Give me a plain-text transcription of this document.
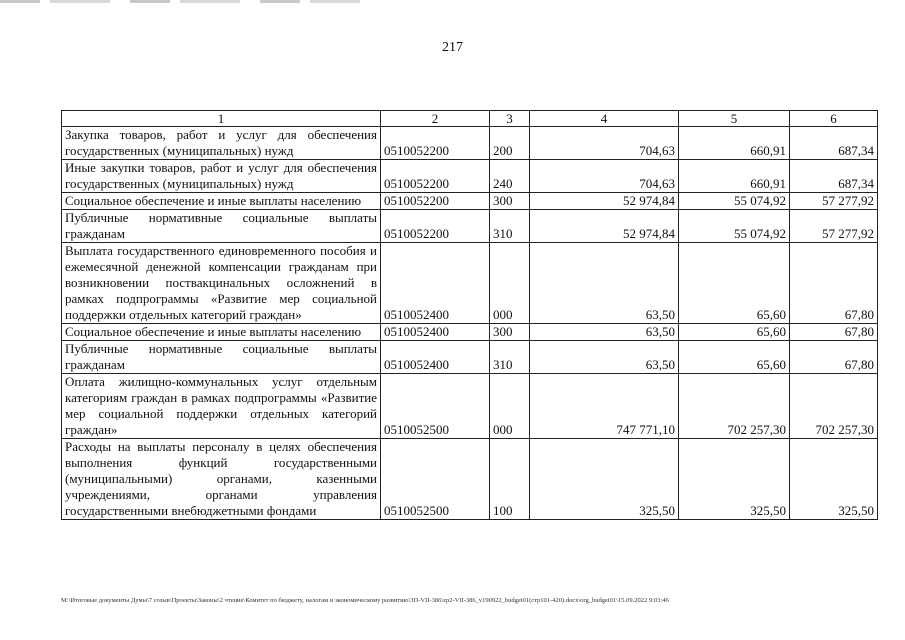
217
1	2	3	4	5	6
Закупка товаров, работ и услуг для обеспечения государственных (муниципальных) нужд	0510052200	200	704,63	660,91	687,34
Иные закупки товаров, работ и услуг для обеспечения государственных (муниципальных) нужд	0510052200	240	704,63	660,91	687,34
Социальное обеспечение и иные выплаты населению	0510052200	300	52 974,84	55 074,92	57 277,92
Публичные нормативные социальные выплаты гражданам	0510052200	310	52 974,84	55 074,92	57 277,92
Выплата государственного единовременного пособия и ежемесячной денежной компенсации гражданам при возникновении поствакцинальных осложнений в рамках подпрограммы «Развитие мер социальной поддержки отдельных категорий граждан»	0510052400	000	63,50	65,60	67,80
Социальное обеспечение и иные выплаты населению	0510052400	300	63,50	65,60	67,80
Публичные нормативные социальные выплаты гражданам	0510052400	310	63,50	65,60	67,80
Оплата жилищно-коммунальных услуг отдельным категориям граждан в рамках подпрограммы «Развитие мер социальной поддержки отдельных категорий граждан»	0510052500	000	747 771,10	702 257,30	702 257,30
Расходы на выплаты персоналу в целях обеспечения выполнения функций государственными (муниципальными) органами, казенными учреждениями, органами управления государственными внебюджетными фондами	0510052500	100	325,50	325,50	325,50
M:\Итоговые документы Думы\7 созыв\Проекты\Законы\2 чтение\Комитет по бюджету, налогам и экономическому развитию\ЗП-VII-386\zp2-VII-386_v190922_budget01(стр101-420).docx\org_budget01\15.09.2022 9:03:46
